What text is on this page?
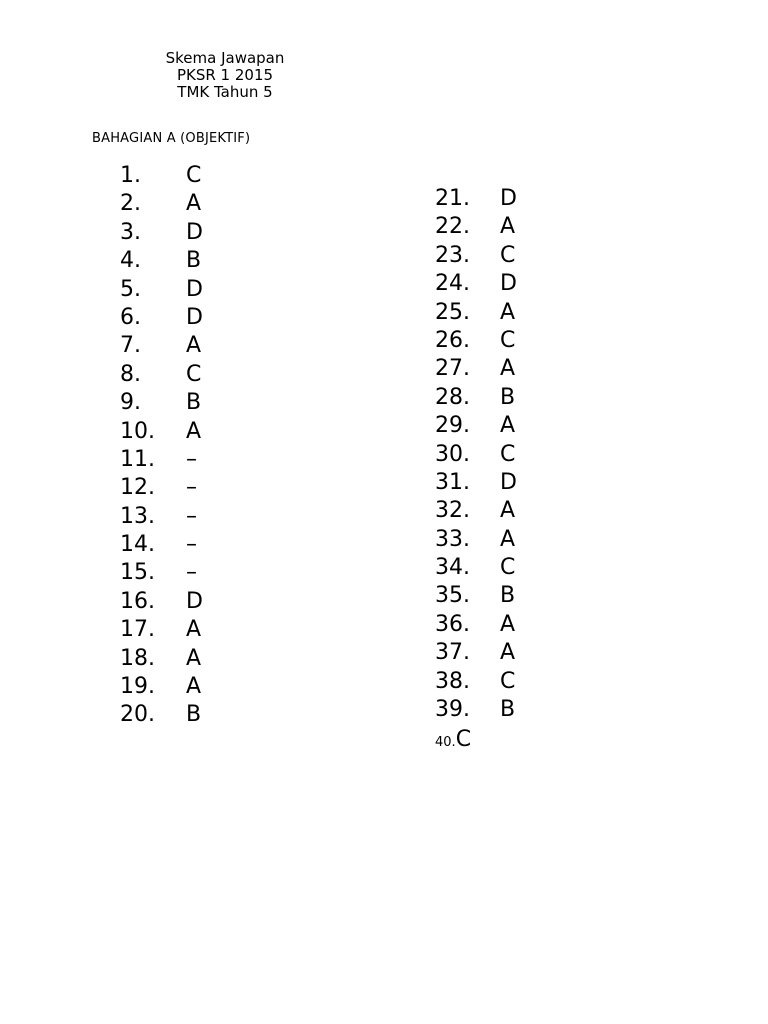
Skema Jawapan
PKSR 1 2015
TMK Tahun 5
BAHAGIAN A (OBJEKTIF)
1.	C
2.	A
3.	D
4.	B
5.	D
6.	D
7.	A
8.	C
9.	B
10.	A
11.	–
12.	–
13.	–
14.	–
15.	–
16.	D
17.	A
18.	A
19.	A
20.	B
21.	D
22.	A
23.	C
24.	D
25.	A
26.	C
27.	A
28.	B
29.	A
30.	C
31.	D
32.	A
33.	A
34.	C
35.	B
36.	A
37.	A
38.	C
39.	B
40.C
